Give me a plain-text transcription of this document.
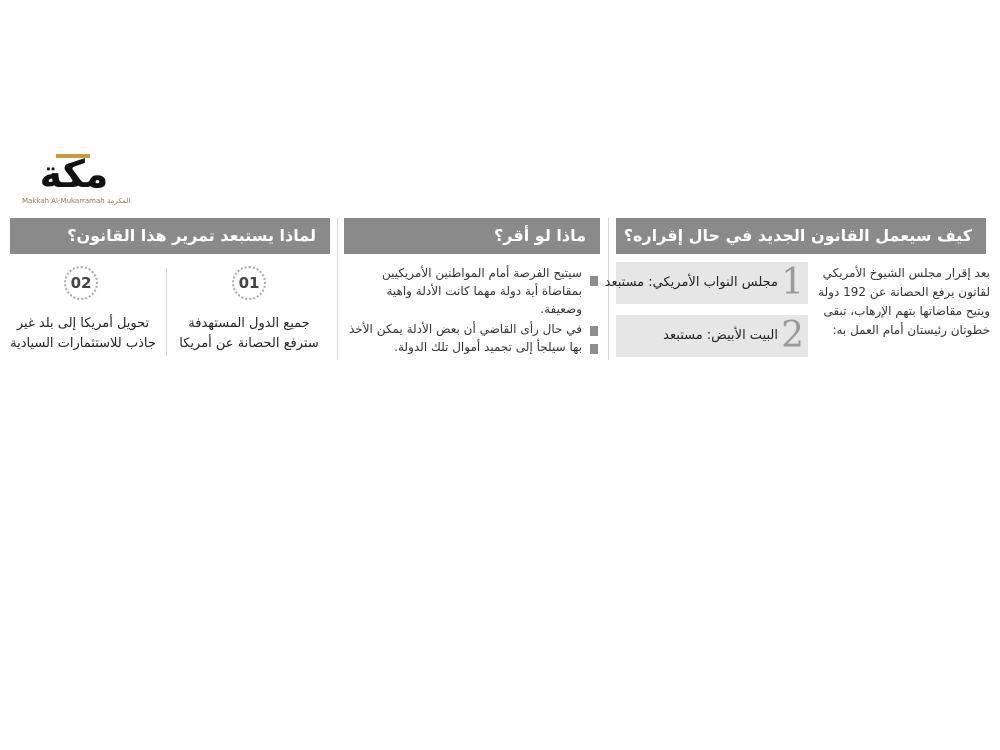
مكة
Makkah Al-Mukarramah المكرمة
كيف سيعمل القانون الجديد في حال إقراره؟
ماذا لو أقر؟
لماذا يستبعد تمرير هذا القانون؟
بعد إقرار مجلس الشيوخ الأمريكي لقانون يرفع الحصانة عن 192 دولة ويتيح مقاضاتها بتهم الإرهاب، تبقى خطوتان رئيستان أمام العمل به:
1
مجلس النواب الأمريكي: مستبعد
2
البيت الأبيض: مستبعد
سيتيح الفرصة أمام المواطنين الأمريكيين بمقاضاة أية دولة مهما كانت الأدلة واهية وضعيفة.
في حال رأى القاضي أن بعض الأدلة يمكن الأخذ بها سيلجأ إلى تجميد أموال تلك الدولة.
01
02
جميع الدول المستهدفة سترفع الحصانة عن أمريكا
تحويل أمريكا إلى بلد غير جاذب للاستثمارات السيادية
